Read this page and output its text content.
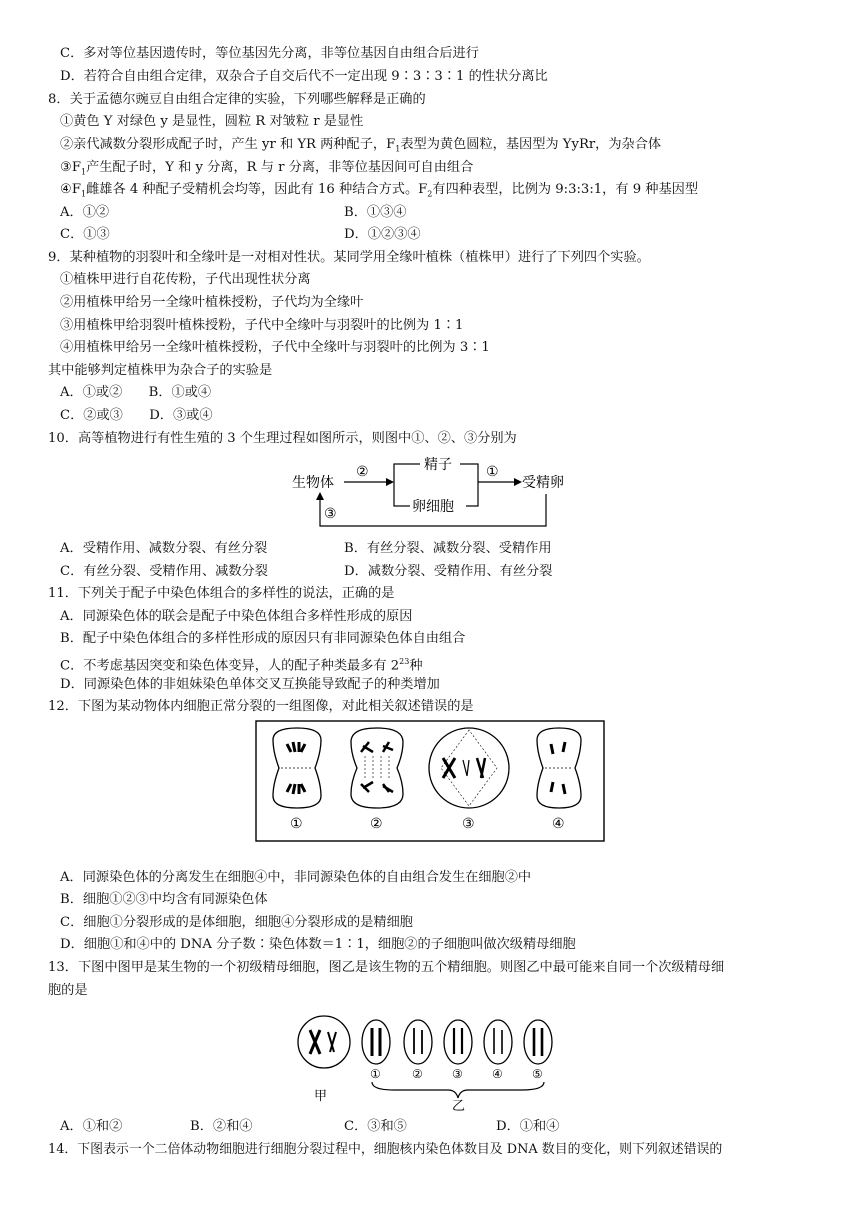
C．多对等位基因遗传时，等位基因先分离，非等位基因自由组合后进行
D．若符合自由组合定律，双杂合子自交后代不一定出现 9∶3∶3∶1 的性状分离比
8．关于孟德尔豌豆自由组合定律的实验，下列哪些解释是正确的
①黄色 Y 对绿色 y 是显性，圆粒 R 对皱粒 r 是显性
②亲代减数分裂形成配子时，产生 yr 和 YR 两种配子，$F_1$表型为黄色圆粒，基因型为 YyRr，为杂合体
$③F_1$产生配子时，Y 和 y 分离，R 与 r 分离，非等位基因间可自由组合
$④F_1$雌雄各 4 种配子受精机会均等，因此有 16 种结合方式。$F_2$有四种表型，比例为 9:3:3:1，有 9 种基因型
A．①②	B．①③④
C．①③	D．①②③④
9．某种植物的羽裂叶和全缘叶是一对相对性状。某同学用全缘叶植株（植株甲）进行了下列四个实验。
①植株甲进行自花传粉，子代出现性状分离
②用植株甲给另一全缘叶植株授粉，子代均为全缘叶
③用植株甲给羽裂叶植株授粉，子代中全缘叶与羽裂叶的比例为 1∶1
④用植株甲给另一全缘叶植株授粉，子代中全缘叶与羽裂叶的比例为 3∶1
其中能够判定植株甲为杂合子的实验是
A．①或②　　B．①或④
C．②或③　　D．③或④
10．高等植物进行有性生殖的 3 个生理过程如图所示，则图中①、②、③分别为
生物体
②	精子
卵细胞
①
受精卵
③
A．受精作用、减数分裂、有丝分裂	B．有丝分裂、减数分裂、受精作用
C．有丝分裂、受精作用、减数分裂	D．减数分裂、受精作用、有丝分裂
11．下列关于配子中染色体组合的多样性的说法，正确的是
A．同源染色体的联会是配子中染色体组合多样性形成的原因
B．配子中染色体组合的多样性形成的原因只有非同源染色体自由组合
C．不考虑基因突变和染色体变异，人的配子种类最多有 $2^{23}$种
D．同源染色体的非姐妹染色单体交叉互换能导致配子的种类增加
12．下图为某动物体内细胞正常分裂的一组图像，对此相关叙述错误的是
①	②	③	④
A．同源染色体的分离发生在细胞④中，非同源染色体的自由组合发生在细胞②中
B．细胞①②③中均含有同源染色体
C．细胞①分裂形成的是体细胞，细胞④分裂形成的是精细胞
D．细胞①和④中的 DNA 分子数∶染色体数＝1∶1，细胞②的子细胞叫做次级精母细胞
13．下图中图甲是某生物的一个初级精母细胞，图乙是该生物的五个精细胞。则图乙中最可能来自同一个次级精母细
胞的是
甲
①	② ③ ④ ⑤
乙
A．①和②	B．②和④	C．③和⑤	D．①和④
14．下图表示一个二倍体动物细胞进行细胞分裂过程中，细胞核内染色体数目及 DNA 数目的变化，则下列叙述错误的
